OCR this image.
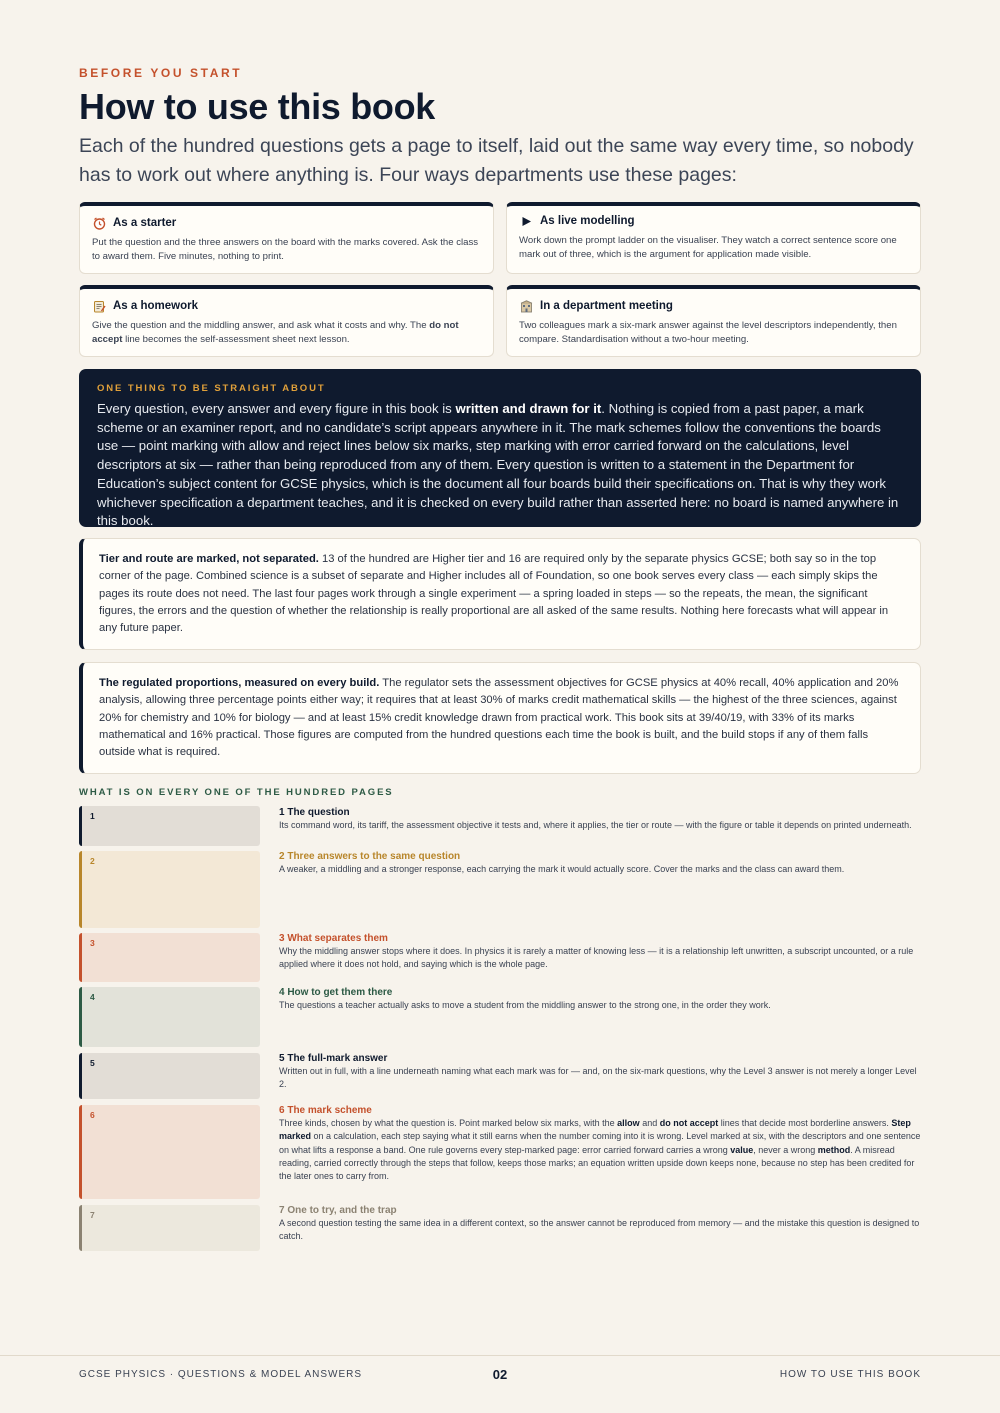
BEFORE YOU START
How to use this book

Each of the hundred questions gets a page to itself, laid out the same way every time, so nobody has to work out where anything is. Four ways departments use these pages:

As a starter
Put the question and the three answers on the board with the marks covered. Ask the class to award them. Five minutes, nothing to print.
As live modelling
Work down the prompt ladder on the visualiser. They watch a correct sentence score one mark out of three, which is the argument for application made visible.
As a homework
Give the question and the middling answer, and ask what it costs and why. The do not accept line becomes the self-assessment sheet next lesson.
In a department meeting
Two colleagues mark a six-mark answer against the level descriptors independently, then compare. Standardisation without a two-hour meeting.
ONE THING TO BE STRAIGHT ABOUT
Every question, every answer and every figure in this book is written and drawn for it. Nothing is copied from a past paper, a mark scheme or an examiner report, and no candidate’s script appears anywhere in it. The mark schemes follow the conventions the boards use — point marking with allow and reject lines below six marks, step marking with error carried forward on the calculations, level descriptors at six — rather than being reproduced from any of them. Every question is written to a statement in the Department for Education’s subject content for GCSE physics, which is the document all four boards build their specifications on. That is why they work whichever specification a department teaches, and it is checked on every build rather than asserted here: no board is named anywhere in this book.
Tier and route are marked, not separated. 13 of the hundred are Higher tier and 16 are required only by the separate physics GCSE; both say so in the top corner of the page. Combined science is a subset of separate and Higher includes all of Foundation, so one book serves every class — each simply skips the pages its route does not need. The last four pages work through a single experiment — a spring loaded in steps — so the repeats, the mean, the significant figures, the errors and the question of whether the relationship is really proportional are all asked of the same results. Nothing here forecasts what will appear in any future paper.
The regulated proportions, measured on every build. The regulator sets the assessment objectives for GCSE physics at 40% recall, 40% application and 20% analysis, allowing three percentage points either way; it requires that at least 30% of marks credit mathematical skills — the highest of the three sciences, against 20% for chemistry and 10% for biology — and at least 15% credit knowledge drawn from practical work. This book sits at 39/40/19, with 33% of its marks mathematical and 16% practical. Those figures are computed from the hundred questions each time the book is built, and the build stops if any of them falls outside what is required.
WHAT IS ON EVERY ONE OF THE HUNDRED PAGES
1	1 The question
Its command word, its tariff, the assessment objective it tests and, where it applies, the tier or route — with the figure or table it depends on printed underneath.
2	2 Three answers to the same question
A weaker, a middling and a stronger response, each carrying the mark it would actually score. Cover the marks and the class can award them.
3	3 What separates them
Why the middling answer stops where it does. In physics it is rarely a matter of knowing less — it is a relationship left unwritten, a subscript uncounted, or a rule applied where it does not hold, and saying which is the whole page.
4	4 How to get them there
The questions a teacher actually asks to move a student from the middling answer to the strong one, in the order they work.
5	5 The full-mark answer
Written out in full, with a line underneath naming what each mark was for — and, on the six-mark questions, why the Level 3 answer is not merely a longer Level 2.
6	6 The mark scheme
Three kinds, chosen by what the question is. Point marked below six marks, with the allow and do not accept lines that decide most borderline answers. Step marked on a calculation, each step saying what it still earns when the number coming into it is wrong. Level marked at six, with the descriptors and one sentence on what lifts a response a band. One rule governs every step-marked page: error carried forward carries a wrong value, never a wrong method. A misread reading, carried correctly through the steps that follow, keeps those marks; an equation written upside down keeps none, because no step has been credited for the later ones to carry from.
7	7 One to try, and the trap
A second question testing the same idea in a different context, so the answer cannot be reproduced from memory — and the mistake this question is designed to catch.
GCSE PHYSICS · QUESTIONS & MODEL ANSWERS	02	HOW TO USE THIS BOOK
